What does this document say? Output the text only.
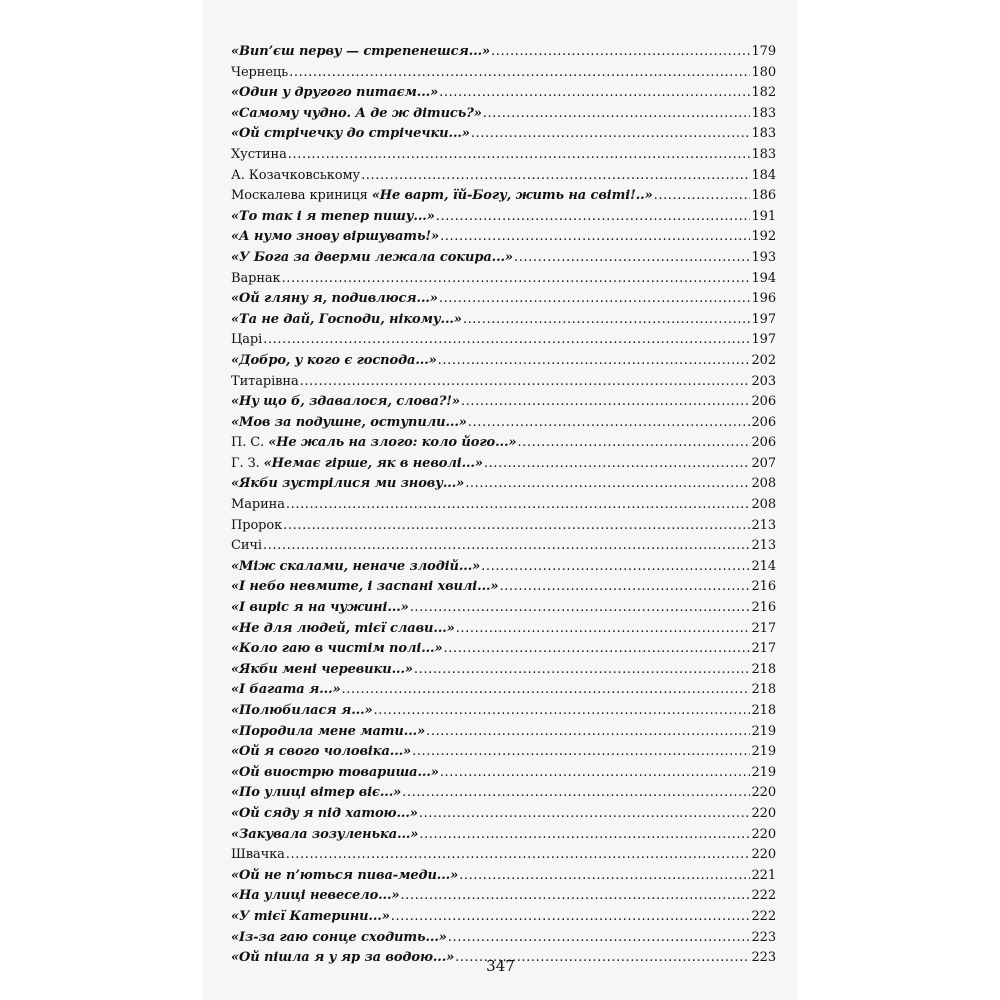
«Вип’єш перву — стрепенешся...» .....	179
Чернець .....	180
«Один у другого питаєм...» .....	182
«Самому чудно. А де ж дітись?» .....	183
«Ой стрічечку до стрічечки...» .....	183
Хустина .....	183
А. Козачковському .....	184
Москалева криниця «Не варт, їй-Богу, жить на світі!..» .....	186
«То так і я тепер пишу...» .....	191
«А нумо знову віршувать!» .....	192
«У Бога за дверми лежала сокира...» .....	193
Варнак .....	194
«Ой гляну я, подивлюся...» .....	196
«Та не дай, Господи, нікому...» .....	197
Царі .....	197
«Добро, у кого є господа...» .....	202
Титарівна .....	203
«Ну що б, здавалося, слова?!» .....	206
«Мов за подушне, оступили...» .....	206
П. С. «Не жаль на злого: коло його...» .....	206
Г. З. «Немає гірше, як в неволі...» .....	207
«Якби зустрілися ми знову...» .....	208
Марина .....	208
Пророк .....	213
Сичі .....	213
«Між скалами, неначе злодій...» .....	214
«І небо невмите, і заспані хвилі...» .....	216
«І виріс я на чужині...» .....	216
«Не для людей, тієї слави...» .....	217
«Коло гаю в чистім полі...» .....	217
«Якби мені черевики...» .....	218
«І багата я...» .....	218
«Полюбилася я...» .....	218
«Породила мене мати...» .....	219
«Ой я свого чоловіка...» .....	219
«Ой виострю товариша...» .....	219
«По улиці вітер віє...» .....	220
«Ой сяду я під хатою...» .....	220
«Закувала зозуленька...» .....	220
Швачка .....	220
«Ой не п’ються пива-меди...» .....	221
«На улиці невесело...» .....	222
«У тієї Катерини...» .....	222
«Із-за гаю сонце сходить...» .....	223
«Ой пішла я у яр за водою...» .....	223
347
